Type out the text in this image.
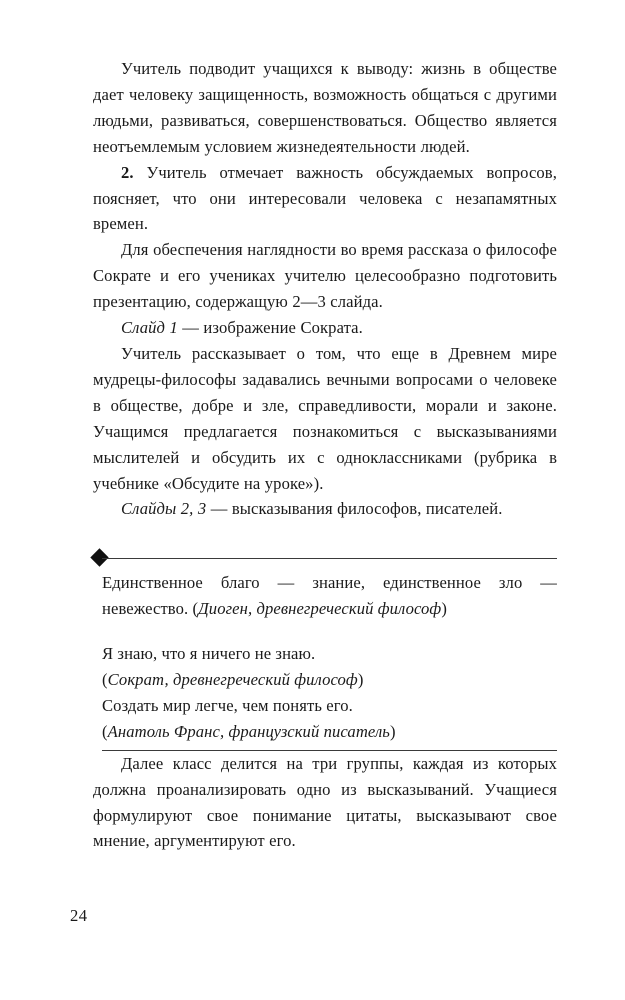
Учитель подводит учащихся к выводу: жизнь в обществе дает человеку защищенность, возможность общаться с другими людьми, развиваться, совершенствоваться. Общество является неотъемлемым условием жизнедеятельности людей.

2. Учитель отмечает важность обсуждаемых вопросов, поясняет, что они интересовали человека с незапамятных времен.

Для обеспечения наглядности во время рассказа о философе Сократе и его учениках учителю целесообразно подготовить презентацию, содержащую 2—3 слайда.

Слайд 1 — изображение Сократа.

Учитель рассказывает о том, что еще в Древнем мире мудрецы-философы задавались вечными вопросами о человеке в обществе, добре и зле, справедливости, морали и законе. Учащимся предлагается познакомиться с высказываниями мыслителей и обсудить их с одноклассниками (рубрика в учебнике «Обсудите на уроке»).

Слайды 2, 3 — высказывания философов, писателей.

Единственное благо — знание, единственное зло — невежество. (Диоген, древнегреческий философ)

Я знаю, что я ничего не знаю.

(Сократ, древнегреческий философ)

Создать мир легче, чем понять его.

(Анатоль Франс, французский писатель)

Далее класс делится на три группы, каждая из которых должна проанализировать одно из высказываний. Учащиеся формулируют свое понимание цитаты, высказывают свое мнение, аргументируют его.

24
